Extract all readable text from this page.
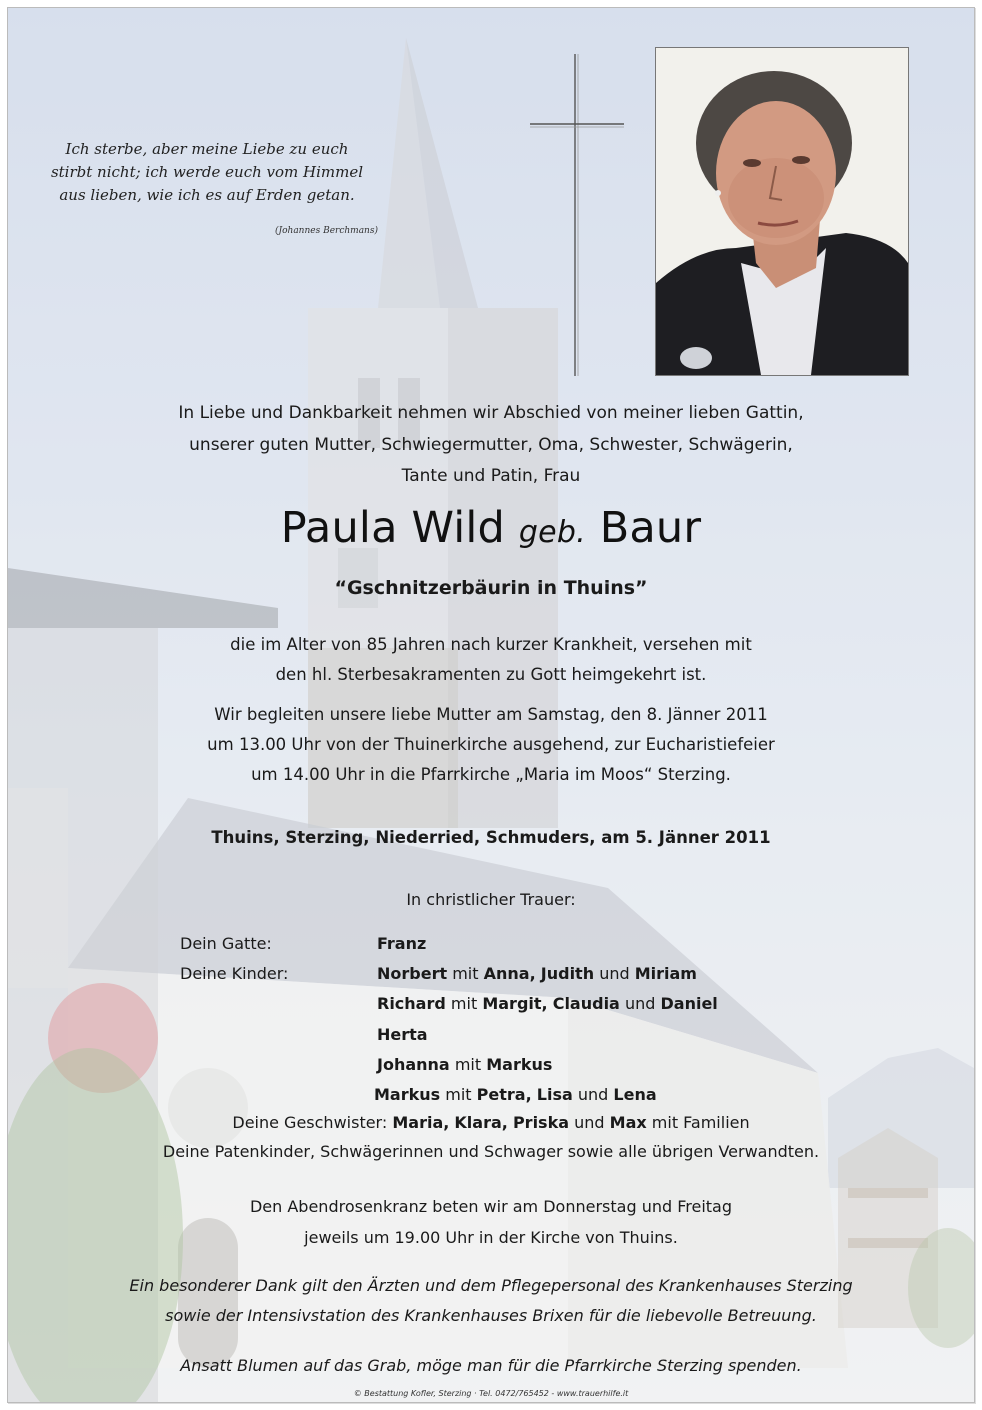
Ich sterbe, aber meine Liebe zu euch
stirbt nicht; ich werde euch vom Himmel
aus lieben, wie ich es auf Erden getan.
(Johannes Berchmans)
In Liebe und Dankbarkeit nehmen wir Abschied von meiner lieben Gattin,
unserer guten Mutter, Schwiegermutter, Oma, Schwester, Schwägerin,
Tante und Patin, Frau
Paula Wild geb. Baur
“Gschnitzerbäurin in Thuins”
die im Alter von 85 Jahren nach kurzer Krankheit, versehen mit
den hl. Sterbesakramenten zu Gott heimgekehrt ist.
Wir begleiten unsere liebe Mutter am Samstag, den 8. Jänner 2011
um 13.00 Uhr von der Thuinerkirche ausgehend, zur Eucharistiefeier
um 14.00 Uhr in die Pfarrkirche „Maria im Moos“ Sterzing.
Thuins, Sterzing, Niederried, Schmuders, am 5. Jänner 2011
In christlicher Trauer:
Dein Gatte:	Franz
Deine Kinder:	Norbert mit Anna, Judith und Miriam
Richard mit Margit, Claudia und Daniel
Herta
Johanna mit Markus
Markus mit Petra, Lisa und Lena
Deine Geschwister: Maria, Klara, Priska und Max mit Familien
Deine Patenkinder, Schwägerinnen und Schwager sowie alle übrigen Verwandten.
Den Abendrosenkranz beten wir am Donnerstag und Freitag
jeweils um 19.00 Uhr in der Kirche von Thuins.
Ein besonderer Dank gilt den Ärzten und dem Pflegepersonal des Krankenhauses Sterzing
sowie der Intensivstation des Krankenhauses Brixen für die liebevolle Betreuung.
Ansatt Blumen auf das Grab, möge man für die Pfarrkirche Sterzing spenden.
© Bestattung Kofler, Sterzing · Tel. 0472/765452 - www.trauerhilfe.it
